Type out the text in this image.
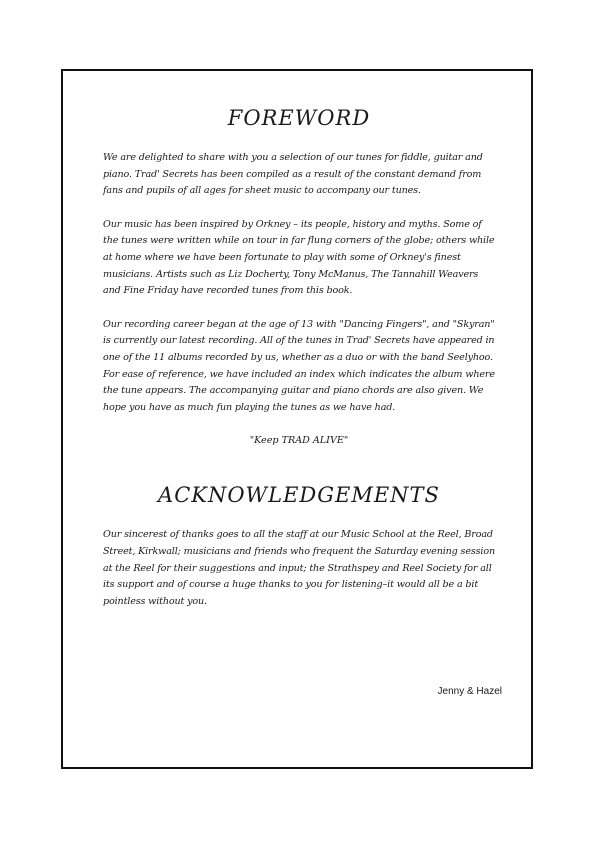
FOREWORD

We are delighted to share with you a selection of our tunes for fiddle, guitar and piano. Trad' Secrets has been compiled as a result of the constant demand from fans and pupils of all ages for sheet music to accompany our tunes.

Our music has been inspired by Orkney – its people, history and myths. Some of the tunes were written while on tour in far flung corners of the globe; others while at home where we have been fortunate to play with some of Orkney's finest musicians. Artists such as Liz Docherty, Tony McManus, The Tannahill Weavers and Fine Friday have recorded tunes from this book.

Our recording career began at the age of 13 with "Dancing Fingers", and "Skyran" is currently our latest recording. All of the tunes in Trad' Secrets have appeared in one of the 11 albums recorded by us, whether as a duo or with the band Seelyhoo. For ease of reference, we have included an index which indicates the album where the tune appears. The accompanying guitar and piano chords are also given. We hope you have as much fun playing the tunes as we have had.

"Keep TRAD ALIVE"

ACKNOWLEDGEMENTS

Our sincerest of thanks goes to all the staff at our Music School at the Reel, Broad Street, Kirkwall; musicians and friends who frequent the Saturday evening session at the Reel for their suggestions and input; the Strathspey and Reel Society for all its support and of course a huge thanks to you for listening–it would all be a bit pointless without you.

Jenny & Hazel
